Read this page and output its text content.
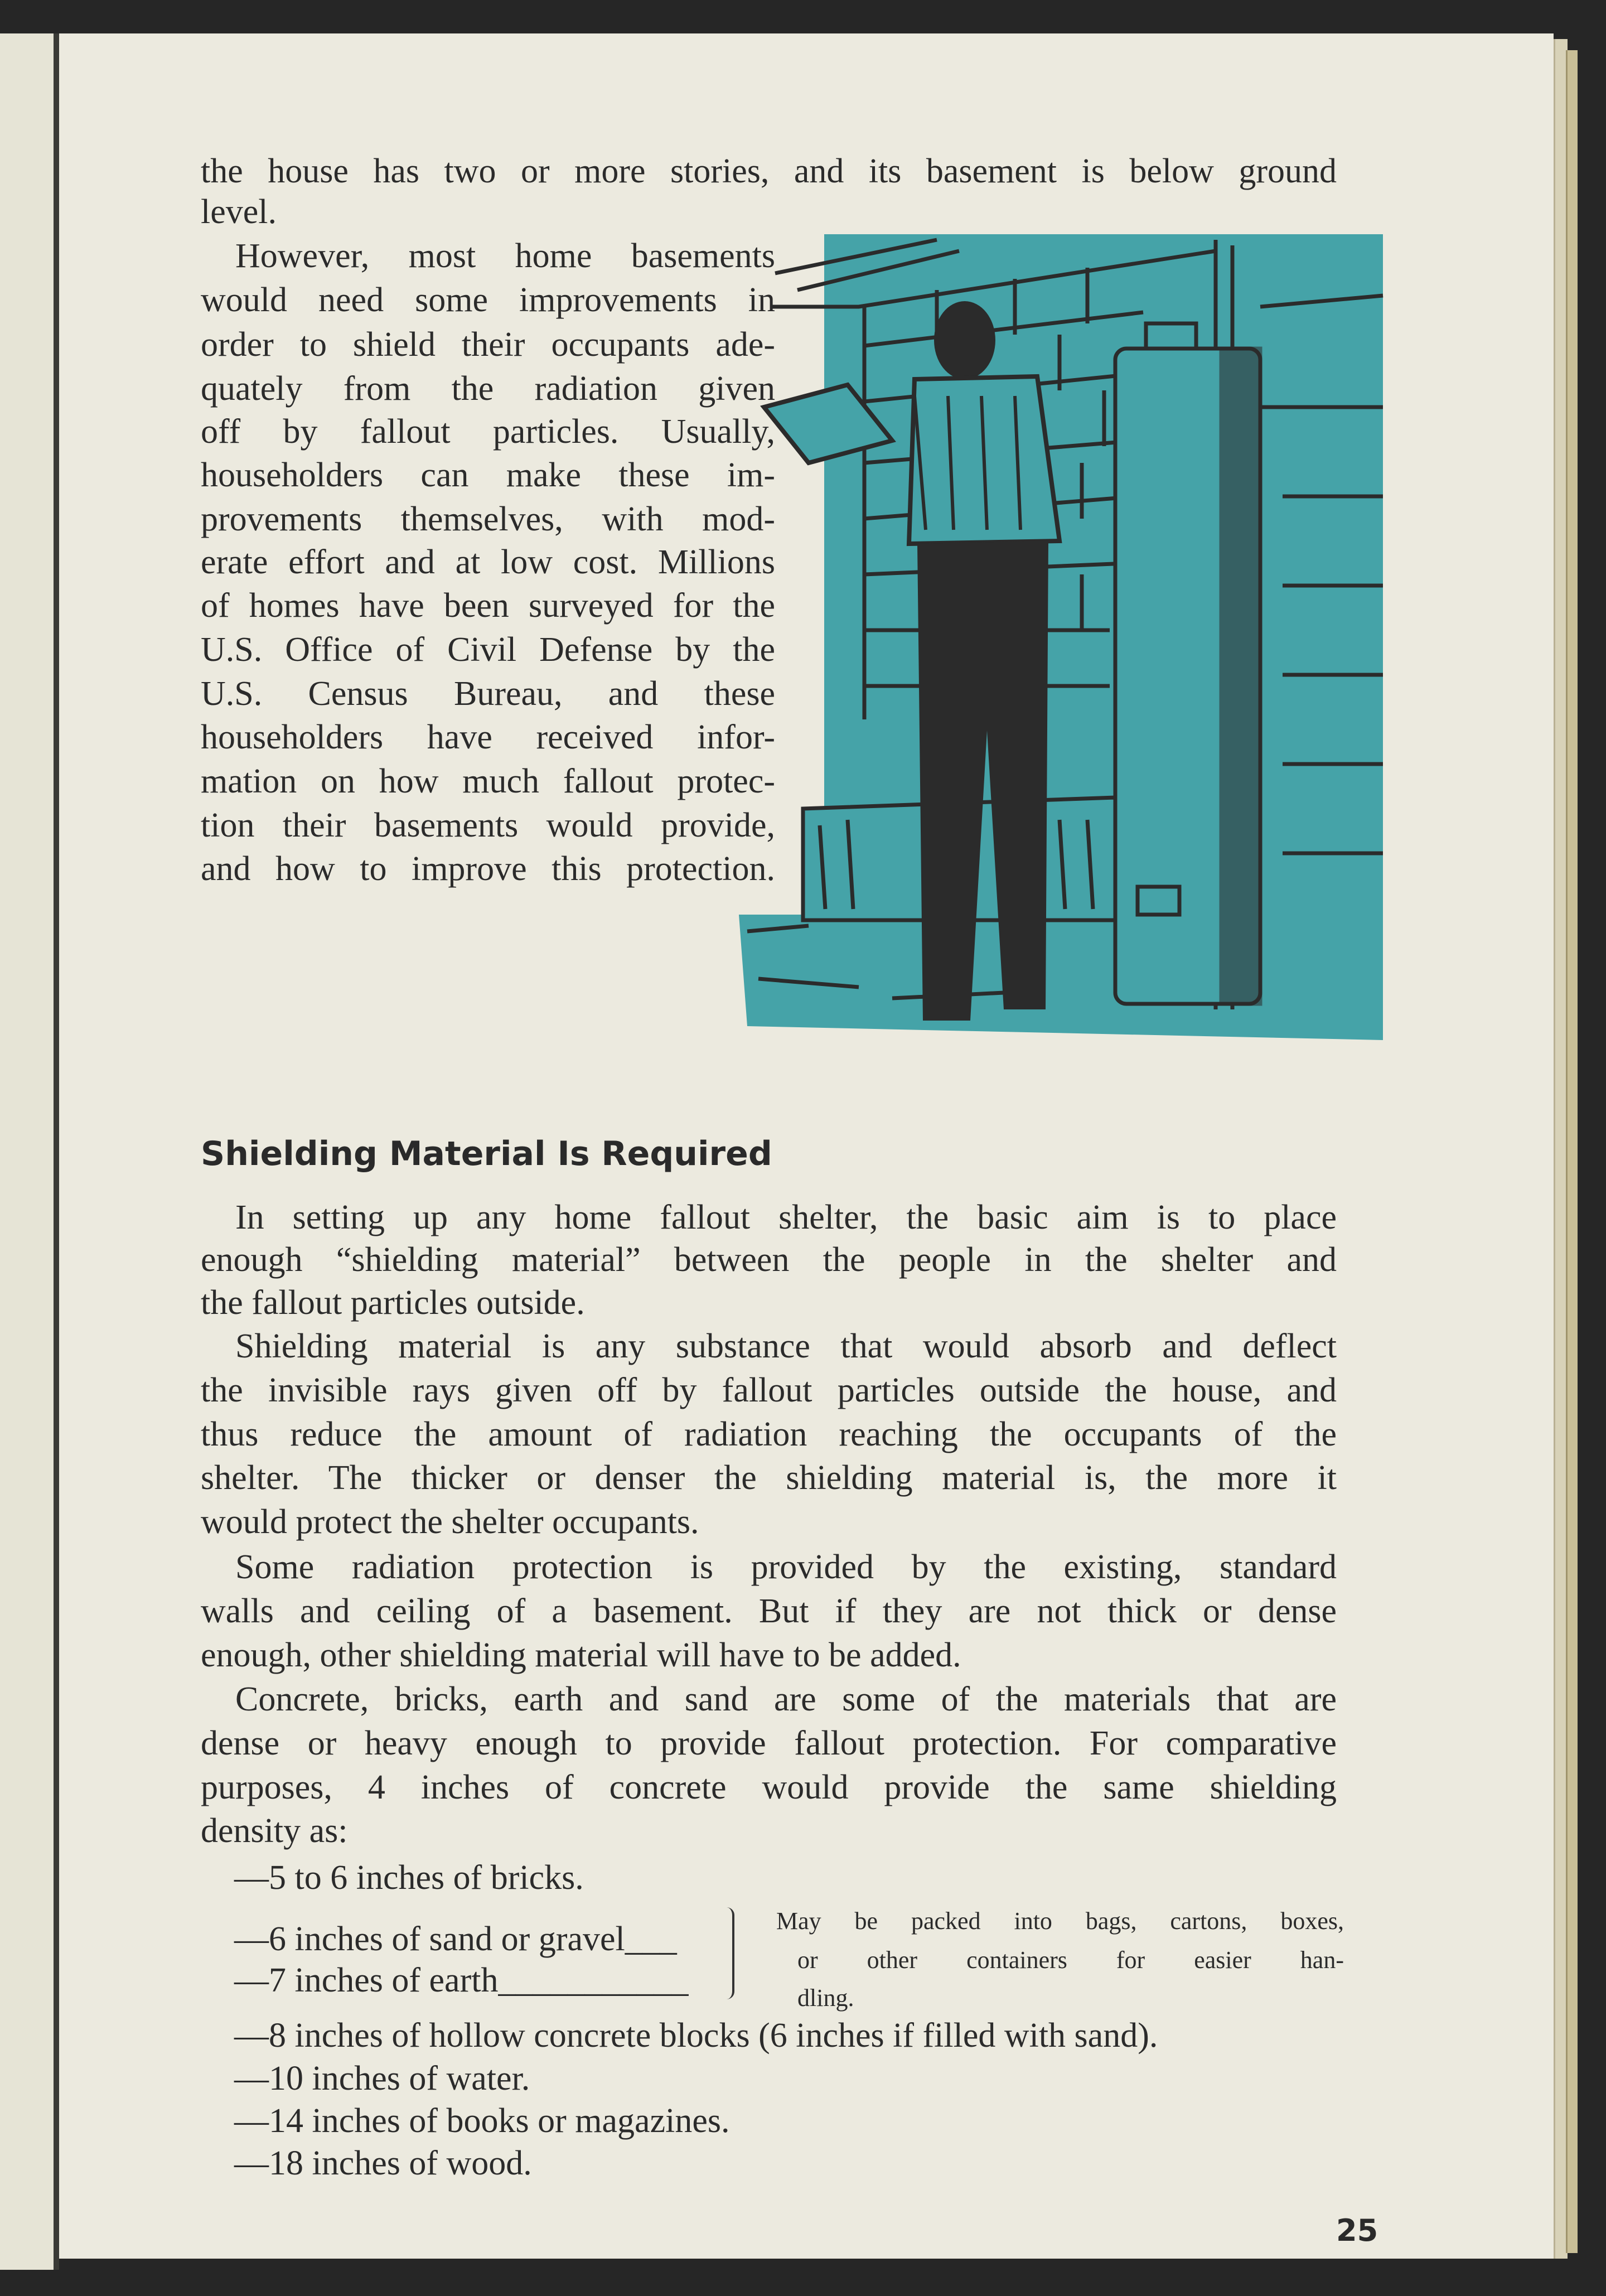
the house has two or more stories, and its basement is below ground
level.
However, most home basements
would need some improvements in
order to shield their occupants ade-
quately from the radiation given
off by fallout particles. Usually,
householders can make these im-
provements themselves, with mod-
erate effort and at low cost. Millions
of homes have been surveyed for the
U.S. Office of Civil Defense by the
U.S. Census Bureau, and these
householders have received infor-
mation on how much fallout protec-
tion their basements would provide,
and how to improve this protection.
Shielding Material Is Required
In setting up any home fallout shelter, the basic aim is to place
enough “shielding material” between the people in the shelter and
the fallout particles outside.
Shielding material is any substance that would absorb and deflect
the invisible rays given off by fallout particles outside the house, and
thus reduce the amount of radiation reaching the occupants of the
shelter. The thicker or denser the shielding material is, the more it
would protect the shelter occupants.
Some radiation protection is provided by the existing, standard
walls and ceiling of a basement. But if they are not thick or dense
enough, other shielding material will have to be added.
Concrete, bricks, earth and sand are some of the materials that are
dense or heavy enough to provide fallout protection. For comparative
purposes, 4 inches of concrete would provide the same shielding
density as:
—5 to 6 inches of bricks.
—6 inches of sand or gravel___
—7 inches of earth___________
May be packed into bags, cartons, boxes,
or other containers for easier han-
dling.
—8 inches of hollow concrete blocks (6 inches if filled with sand).
—10 inches of water.
—14 inches of books or magazines.
—18 inches of wood.
25
